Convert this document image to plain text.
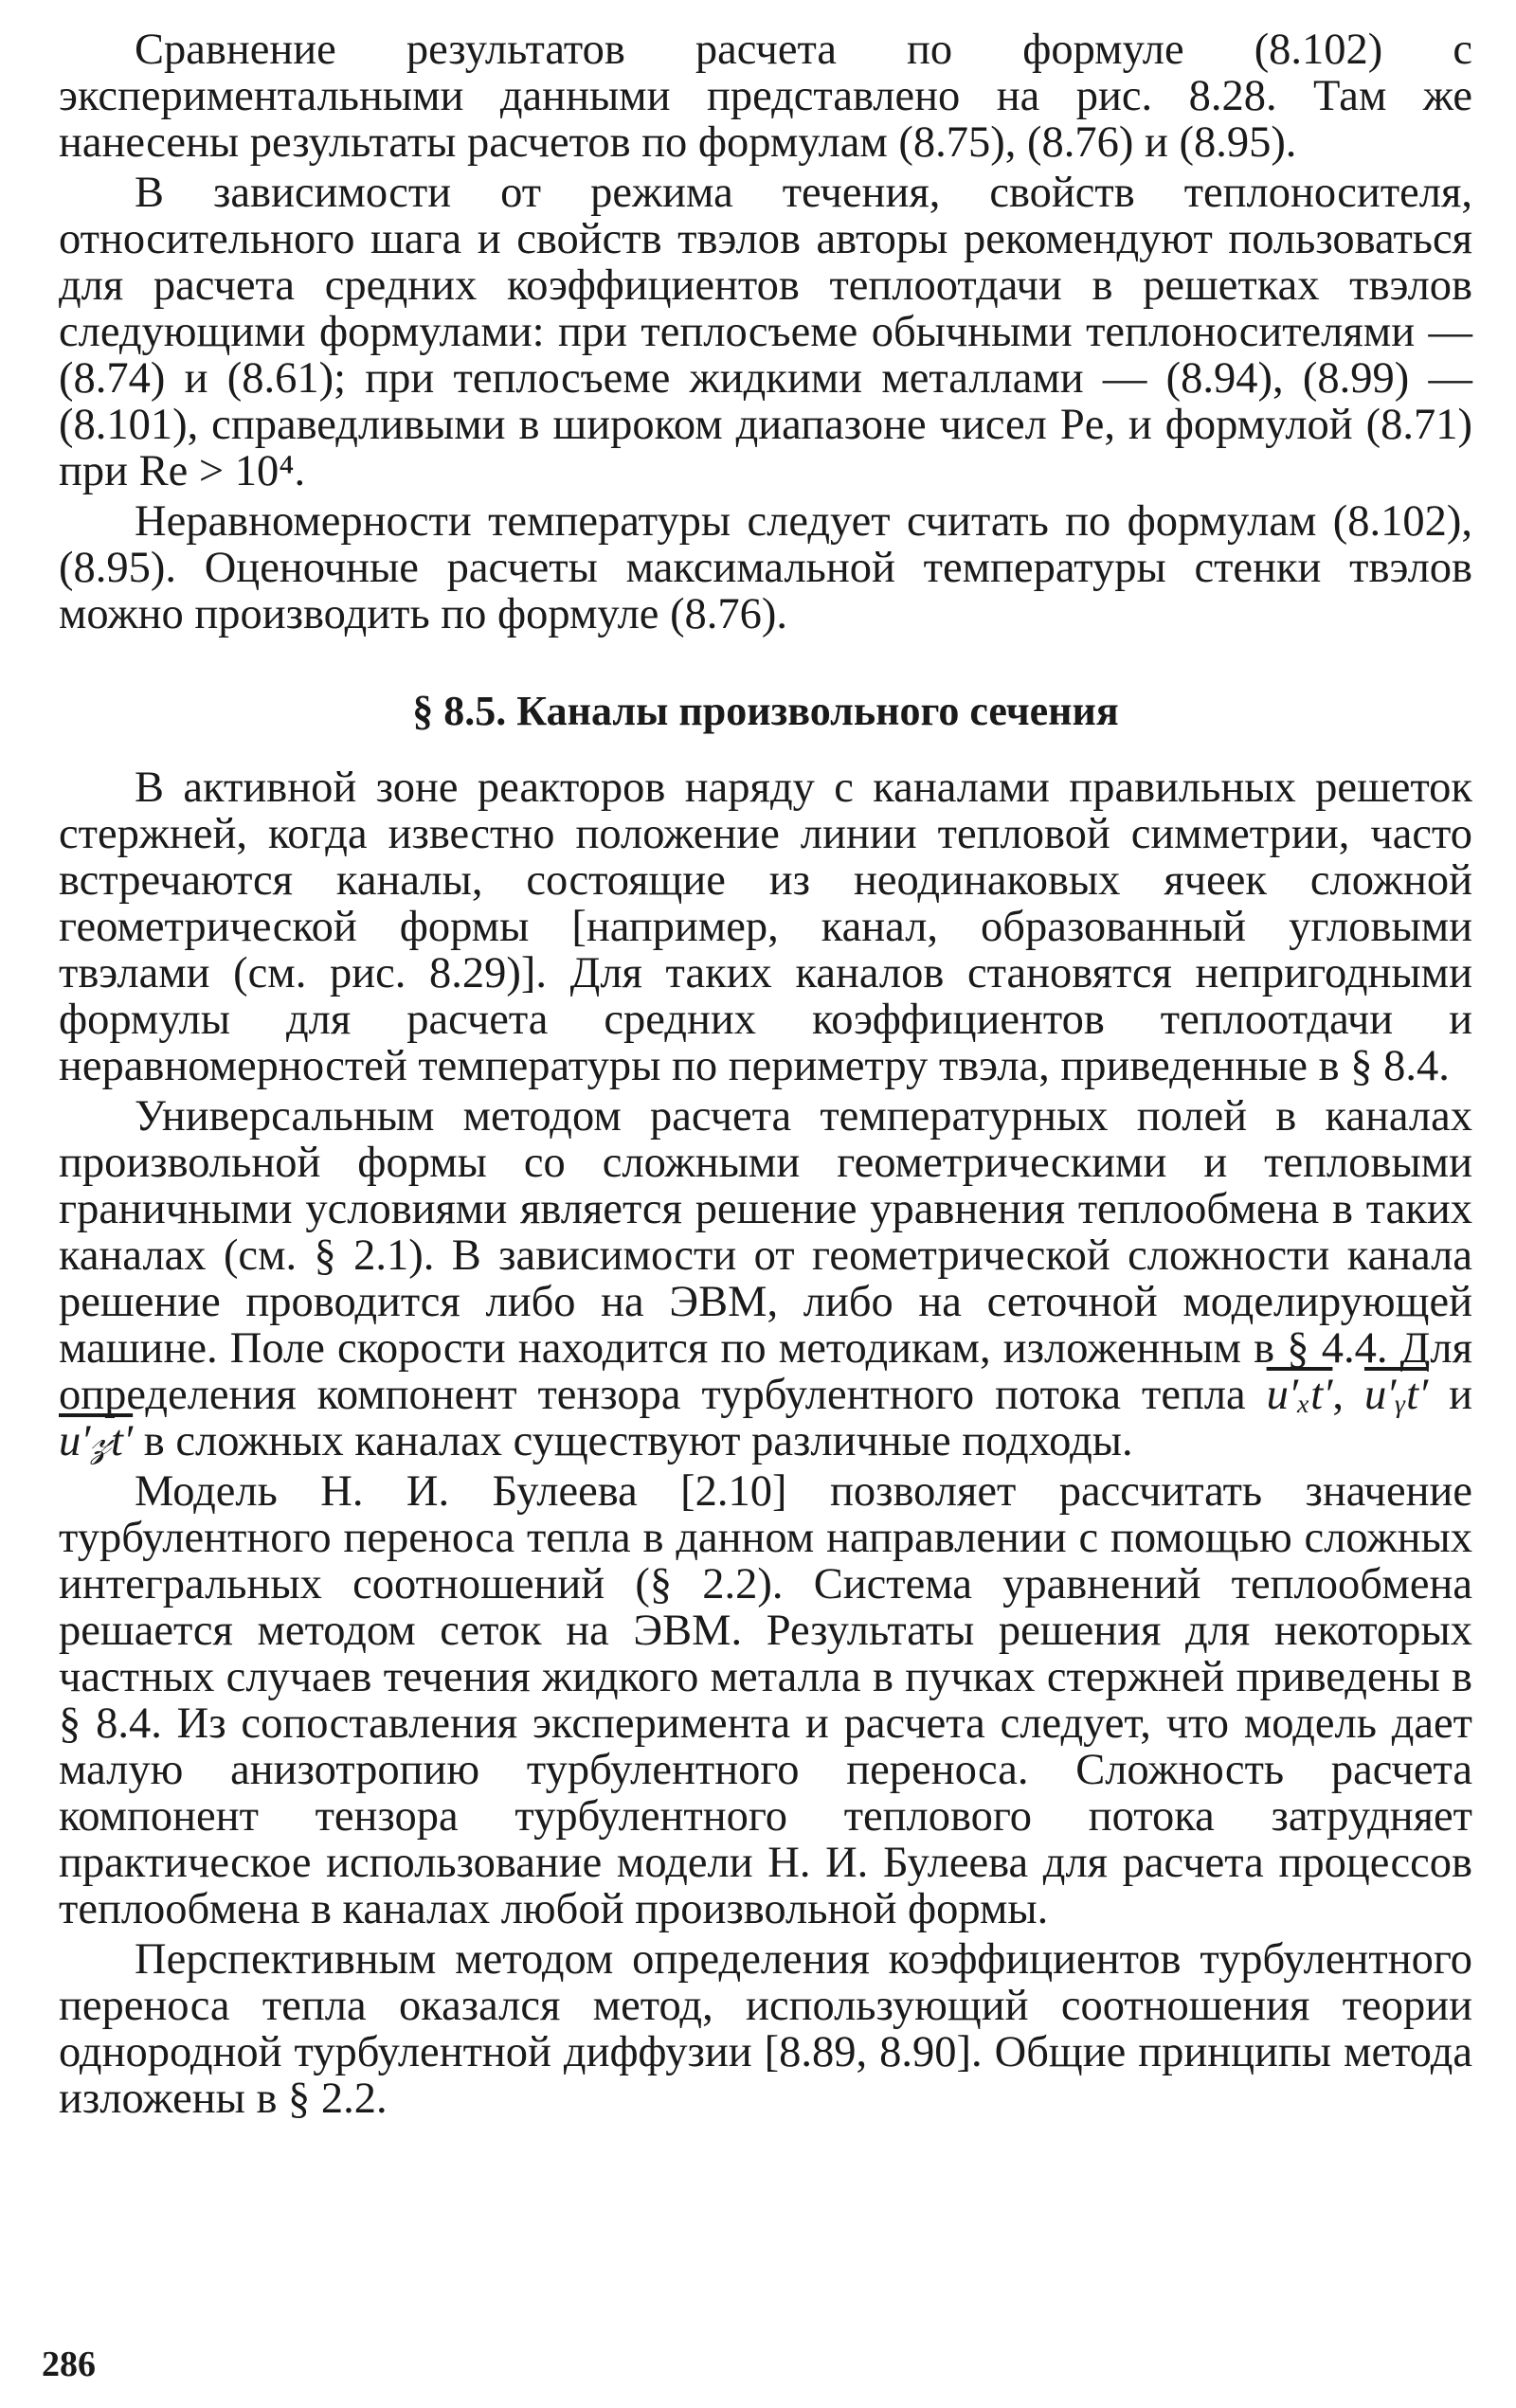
Сравнение результатов расчета по формуле (8.102) с экспериментальными данными представлено на рис. 8.28. Там же нанесены результаты расчетов по формулам (8.75), (8.76) и (8.95).

В зависимости от режима течения, свойств теплоносителя, относительного шага и свойств твэлов авторы рекомендуют пользоваться для расчета средних коэффициентов теплоотдачи в решетках твэлов следующими формулами: при теплосъеме обычными теплоносителями — (8.74) и (8.61); при теплосъеме жидкими металлами — (8.94), (8.99) — (8.101), справедливыми в широком диапазоне чисел Pe, и формулой (8.71) при Re > 10⁴.

Неравномерности температуры следует считать по формулам (8.102), (8.95). Оценочные расчеты максимальной температуры стенки твэлов можно производить по формуле (8.76).

§ 8.5. Каналы произвольного сечения

В активной зоне реакторов наряду с каналами правильных решеток стержней, когда известно положение линии тепловой симметрии, часто встречаются каналы, состоящие из неодинаковых ячеек сложной геометрической формы [например, канал, образованный угловыми твэлами (см. рис. 8.29)]. Для таких каналов становятся непригодными формулы для расчета средних коэффициентов теплоотдачи и неравномерностей температуры по периметру твэла, приведенные в § 8.4.

Универсальным методом расчета температурных полей в каналах произвольной формы со сложными геометрическими и тепловыми граничными условиями является решение уравнения теплообмена в таких каналах (см. § 2.1). В зависимости от геометрической сложности канала решение проводится либо на ЭВМ, либо на сеточной моделирующей машине. Поле скорости находится по методикам, изложенным в § 4.4. Для определения компонент тензора турбулентного потока тепла u′ₓt′, u′ᵧt′ и u′𝓏t′ в сложных каналах существуют различные подходы.

Модель Н. И. Булеева [2.10] позволяет рассчитать значение турбулентного переноса тепла в данном направлении с помощью сложных интегральных соотношений (§ 2.2). Система уравнений теплообмена решается методом сеток на ЭВМ. Результаты решения для некоторых частных случаев течения жидкого металла в пучках стержней приведены в § 8.4. Из сопоставления эксперимента и расчета следует, что модель дает малую анизотропию турбулентного переноса. Сложность расчета компонент тензора турбулентного теплового потока затрудняет практическое использование модели Н. И. Булеева для расчета процессов теплообмена в каналах любой произвольной формы.

Перспективным методом определения коэффициентов турбулентного переноса тепла оказался метод, использующий соотношения теории однородной турбулентной диффузии [8.89, 8.90]. Общие принципы метода изложены в § 2.2.

286
